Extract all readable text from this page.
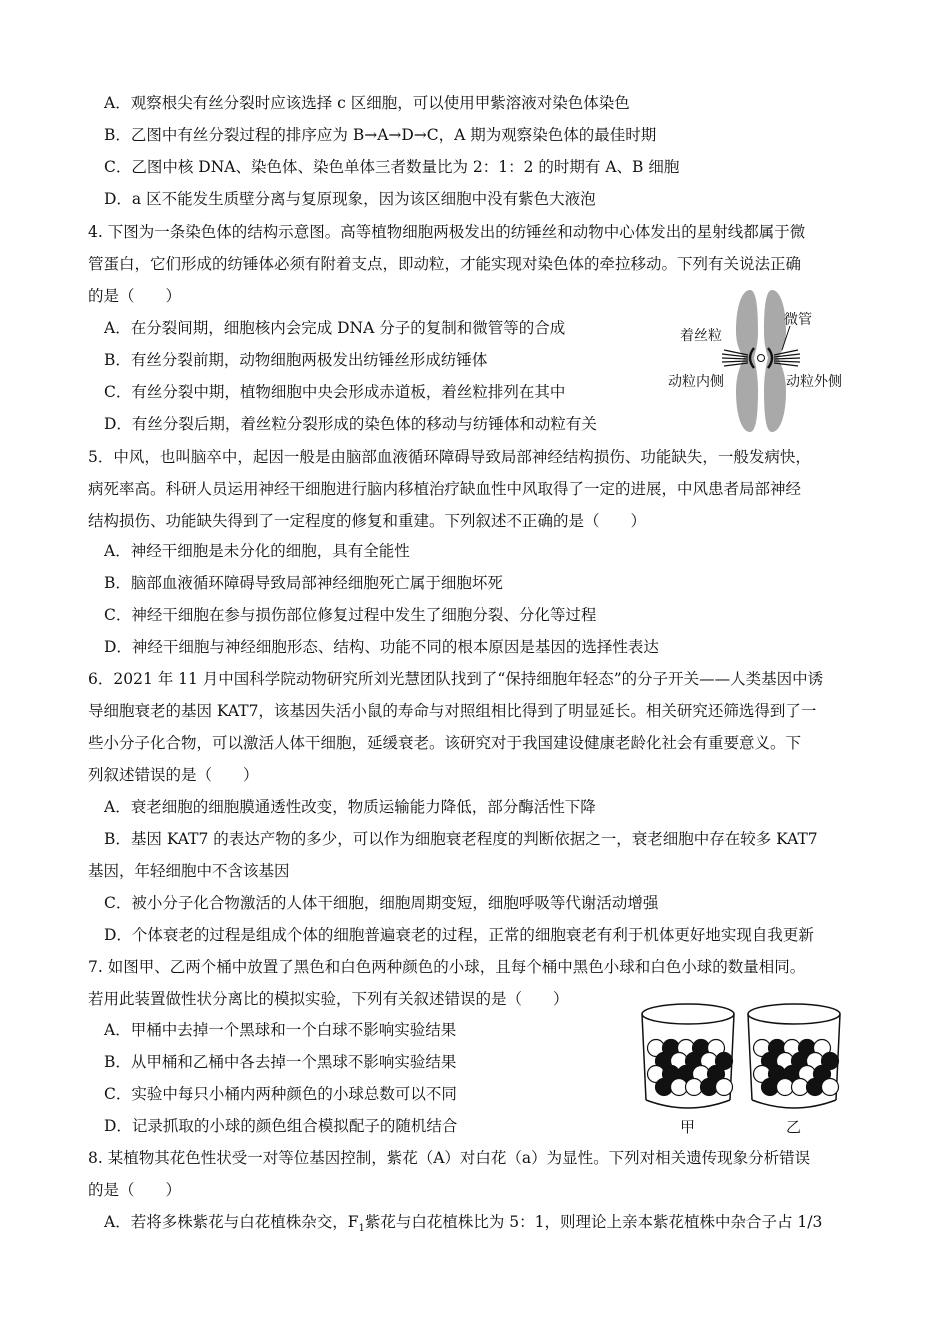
A．观察根尖有丝分裂时应该选择 c 区细胞，可以使用甲紫溶液对染色体染色
B．乙图中有丝分裂过程的排序应为 B→A→D→C，A 期为观察染色体的最佳时期
C．乙图中核 DNA、染色体、染色单体三者数量比为 2：1：2 的时期有 A、B 细胞
D．a 区不能发生质壁分离与复原现象，因为该区细胞中没有紫色大液泡
4. 下图为一条染色体的结构示意图。高等植物细胞两极发出的纺锤丝和动物中心体发出的星射线都属于微
管蛋白，它们形成的纺锤体必须有附着支点，即动粒，才能实现对染色体的牵拉移动。下列有关说法正确
的是（　　）
A．在分裂间期，细胞核内会完成 DNA 分子的复制和微管等的合成
B．有丝分裂前期，动物细胞两极发出纺锤丝形成纺锤体
C．有丝分裂中期，植物细胞中央会形成赤道板，着丝粒排列在其中
D．有丝分裂后期，着丝粒分裂形成的染色体的移动与纺锤体和动粒有关
着丝粒
微管
动粒内侧	动粒外侧
5．中风，也叫脑卒中，起因一般是由脑部血液循环障碍导致局部神经结构损伤、功能缺失，一般发病快，
病死率高。科研人员运用神经干细胞进行脑内移植治疗缺血性中风取得了一定的进展，中风患者局部神经
结构损伤、功能缺失得到了一定程度的修复和重建。下列叙述不正确的是（　　）
A．神经干细胞是未分化的细胞，具有全能性
B．脑部血液循环障碍导致局部神经细胞死亡属于细胞坏死
C．神经干细胞在参与损伤部位修复过程中发生了细胞分裂、分化等过程
D．神经干细胞与神经细胞形态、结构、功能不同的根本原因是基因的选择性表达
6．2021 年 11 月中国科学院动物研究所刘光慧团队找到了“保持细胞年轻态”的分子开关——人类基因中诱
导细胞衰老的基因 KAT7，该基因失活小鼠的寿命与对照组相比得到了明显延长。相关研究还筛选得到了一
些小分子化合物，可以激活人体干细胞，延缓衰老。该研究对于我国建设健康老龄化社会有重要意义。下
列叙述错误的是（　　）
A．衰老细胞的细胞膜通透性改变，物质运输能力降低，部分酶活性下降
B．基因 KAT7 的表达产物的多少，可以作为细胞衰老程度的判断依据之一，衰老细胞中存在较多 KAT7
基因，年轻细胞中不含该基因
C．被小分子化合物激活的人体干细胞，细胞周期变短，细胞呼吸等代谢活动增强
D．个体衰老的过程是组成个体的细胞普遍衰老的过程，正常的细胞衰老有利于机体更好地实现自我更新
7. 如图甲、乙两个桶中放置了黑色和白色两种颜色的小球，且每个桶中黑色小球和白色小球的数量相同。
若用此装置做性状分离比的模拟实验，下列有关叙述错误的是（　　）
A．甲桶中去掉一个黑球和一个白球不影响实验结果
B．从甲桶和乙桶中各去掉一个黑球不影响实验结果
C．实验中每只小桶内两种颜色的小球总数可以不同
D．记录抓取的小球的颜色组合模拟配子的随机结合	甲	乙
8. 某植物其花色性状受一对等位基因控制，紫花（A）对白花（a）为显性。下列对相关遗传现象分析错误
的是（　　）
A．若将多株紫花与白花植株杂交，$F_1$紫花与白花植株比为 5：1，则理论上亲本紫花植株中杂合子占 1/3
